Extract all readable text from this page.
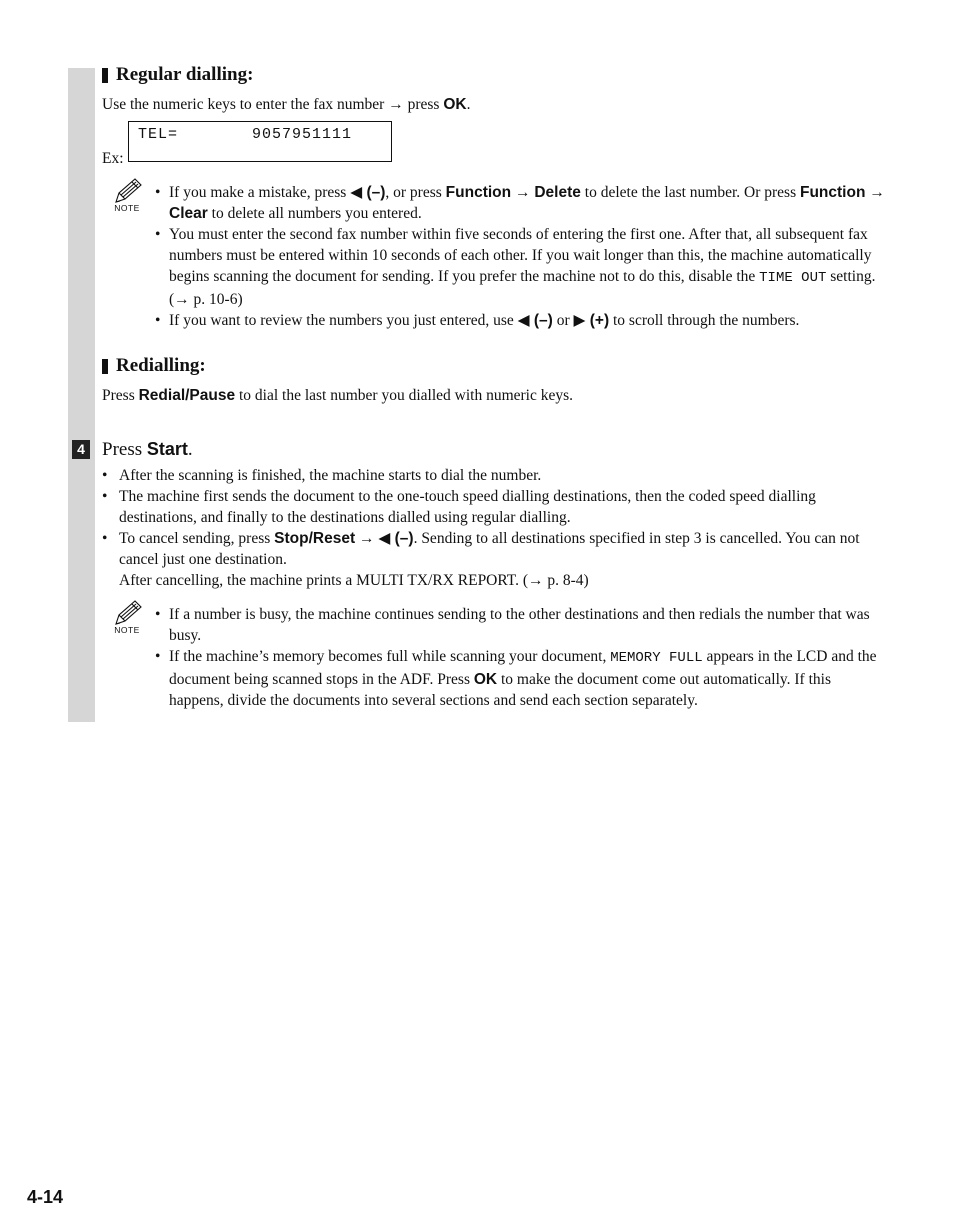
Regular dialling:
Use the numeric keys to enter the fax number → press OK.
Ex:
TEL=	9057951111
NOTE
• If you make a mistake, press ◀ (–), or press Function → Delete to delete the last number. Or press Function → Clear to delete all numbers you entered.
• You must enter the second fax number within five seconds of entering the first one. After that, all subsequent fax numbers must be entered within 10 seconds of each other. If you wait longer than this, the machine automatically begins scanning the document for sending. If you prefer the machine not to do this, disable the TIME OUT setting. (→ p. 10-6)
• If you want to review the numbers you just entered, use ◀ (–) or ▶ (+) to scroll through the numbers.
Redialling:
Press Redial/Pause to dial the last number you dialled with numeric keys.
4 Press Start.
• After the scanning is finished, the machine starts to dial the number.
• The machine first sends the document to the one-touch speed dialling destinations, then the coded speed dialling destinations, and finally to the destinations dialled using regular dialling.
• To cancel sending, press Stop/Reset → ◀ (–). Sending to all destinations specified in step 3 is cancelled. You can not cancel just one destination.
After cancelling, the machine prints a MULTI TX/RX REPORT. (→ p. 8-4)
NOTE
• If a number is busy, the machine continues sending to the other destinations and then redials the number that was busy.
• If the machine’s memory becomes full while scanning your document, MEMORY FULL appears in the LCD and the document being scanned stops in the ADF. Press OK to make the document come out automatically. If this happens, divide the documents into several sections and send each section separately.
4-14
